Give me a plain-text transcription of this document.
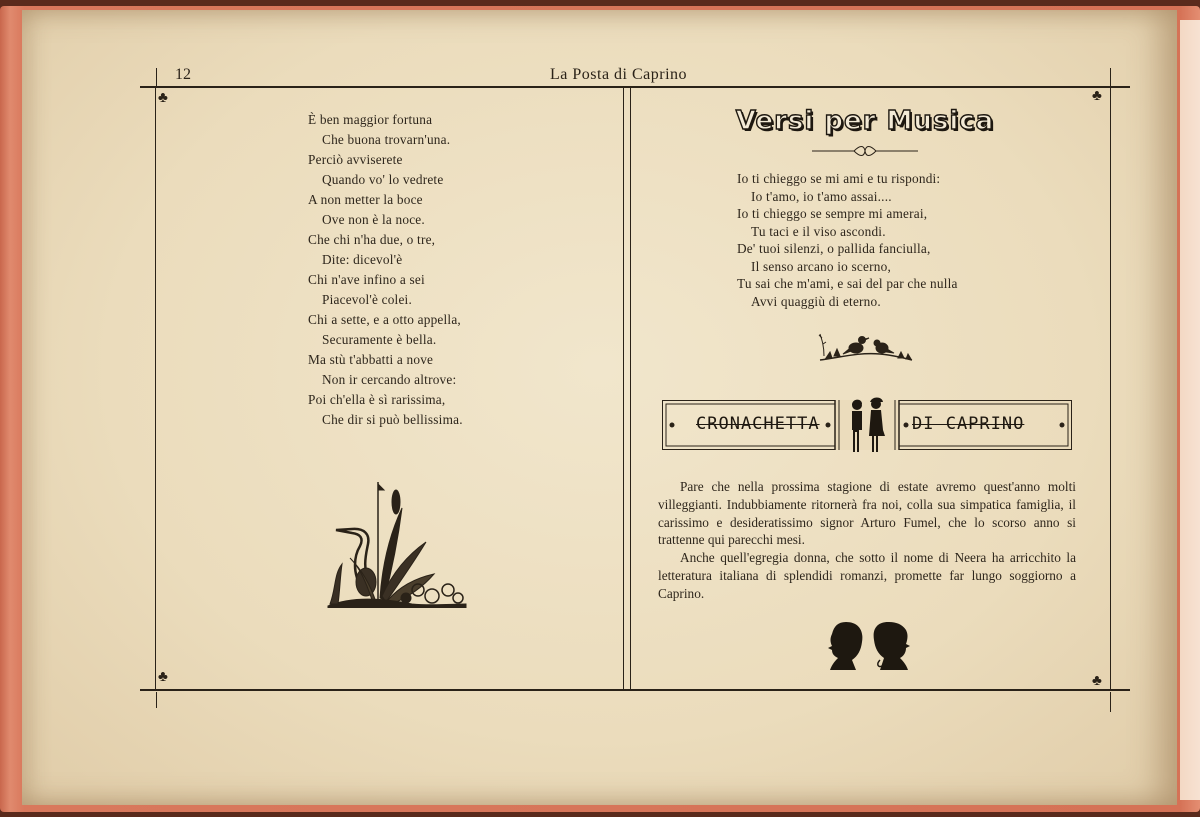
12	La Posta di Caprino
♣	♣
♣	♣
È ben maggior fortuna
Che buona trovarn'una.
Perciò avviserete
Quando vo' lo vedrete
A non metter la boce
Ove non è la noce.
Che chi n'ha due, o tre,
Dite: dicevol'è
Chi n'ave infino a sei
Piacevol'è colei.
Chi a sette, e a otto appella,
Securamente è bella.
Ma stù t'abbatti a nove
Non ir cercando altrove:
Poi ch'ella è sì rarissima,
Che dir si può bellissima.
Versi per Musica
Io ti chieggo se mi ami e tu rispondi:
Io t'amo, io t'amo assai....
Io ti chieggo se sempre mi amerai,
Tu taci e il viso ascondi.
De' tuoi silenzi, o pallida fanciulla,
Il senso arcano io scerno,
Tu sai che m'ami, e sai del par che nulla
Avvi quaggiù di eterno.
CRONACHETTA	DI CAPRINO

Pare che nella prossima stagione di estate avremo quest'anno molti villeggianti. Indubbiamente ritornerà fra noi, colla sua simpatica famiglia, il carissimo e desideratissimo signor Arturo Fumel, che lo scorso anno si trattenne qui parecchi mesi.

Anche quell'egregia donna, che sotto il nome di Neera ha arricchito la letteratura italiana di splendidi romanzi, promette far lungo soggiorno a Caprino.
